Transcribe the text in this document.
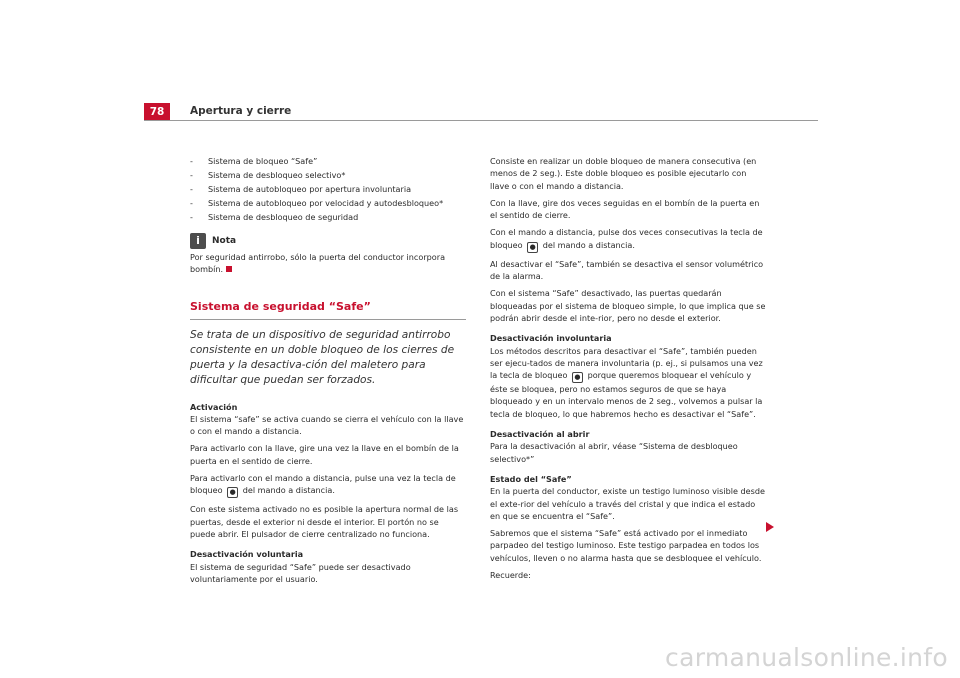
78	Apertura y cierre
- Sistema de bloqueo “Safe”
- Sistema de desbloqueo selectivo*
- Sistema de autobloqueo por apertura involuntaria
- Sistema de autobloqueo por velocidad y autodesbloqueo*
- Sistema de desbloqueo de seguridad
i	Nota
Por seguridad antirrobo, sólo la puerta del conductor incorpora bombín.
Sistema de seguridad “Safe”
Se trata de un dispositivo de seguridad antirrobo consistente en un doble bloqueo de los cierres de puerta y la desactiva-ción del maletero para dificultar que puedan ser forzados.
Activación

El sistema “safe” se activa cuando se cierra el vehículo con la llave o con el mando a distancia.

Para activarlo con la llave, gire una vez la llave en el bombín de la puerta en el sentido de cierre.

Para activarlo con el mando a distancia, pulse una vez la tecla de bloqueo ● del mando a distancia.

Con este sistema activado no es posible la apertura normal de las puertas, desde el exterior ni desde el interior. El portón no se puede abrir. El pulsador de cierre centralizado no funciona.

Desactivación voluntaria

El sistema de seguridad “Safe” puede ser desactivado voluntariamente por el usuario.

Consiste en realizar un doble bloqueo de manera consecutiva (en menos de 2 seg.). Este doble bloqueo es posible ejecutarlo con llave o con el mando a distancia.

Con la llave, gire dos veces seguidas en el bombín de la puerta en el sentido de cierre.

Con el mando a distancia, pulse dos veces consecutivas la tecla de bloqueo ● del mando a distancia.

Al desactivar el “Safe”, también se desactiva el sensor volumétrico de la alarma.

Con el sistema “Safe” desactivado, las puertas quedarán bloqueadas por el sistema de bloqueo simple, lo que implica que se podrán abrir desde el inte-rior, pero no desde el exterior.

Desactivación involuntaria

Los métodos descritos para desactivar el “Safe”, también pueden ser ejecu-tados de manera involuntaria (p. ej., si pulsamos una vez la tecla de bloqueo ● porque queremos bloquear el vehículo y éste se bloquea, pero no estamos seguros de que se haya bloqueado y en un intervalo menos de 2 seg., volvemos a pulsar la tecla de bloqueo, lo que habremos hecho es desactivar el “Safe”.

Desactivación al abrir

Para la desactivación al abrir, véase “Sistema de desbloqueo selectivo*”

Estado del “Safe”

En la puerta del conductor, existe un testigo luminoso visible desde el exte-rior del vehículo a través del cristal y que indica el estado en que se encuentra el “Safe”.

Sabremos que el sistema “Safe” está activado por el inmediato parpadeo del testigo luminoso. Este testigo parpadea en todos los vehículos, lleven o no alarma hasta que se desbloquee el vehículo.

Recuerde:

carmanualsonline.info
